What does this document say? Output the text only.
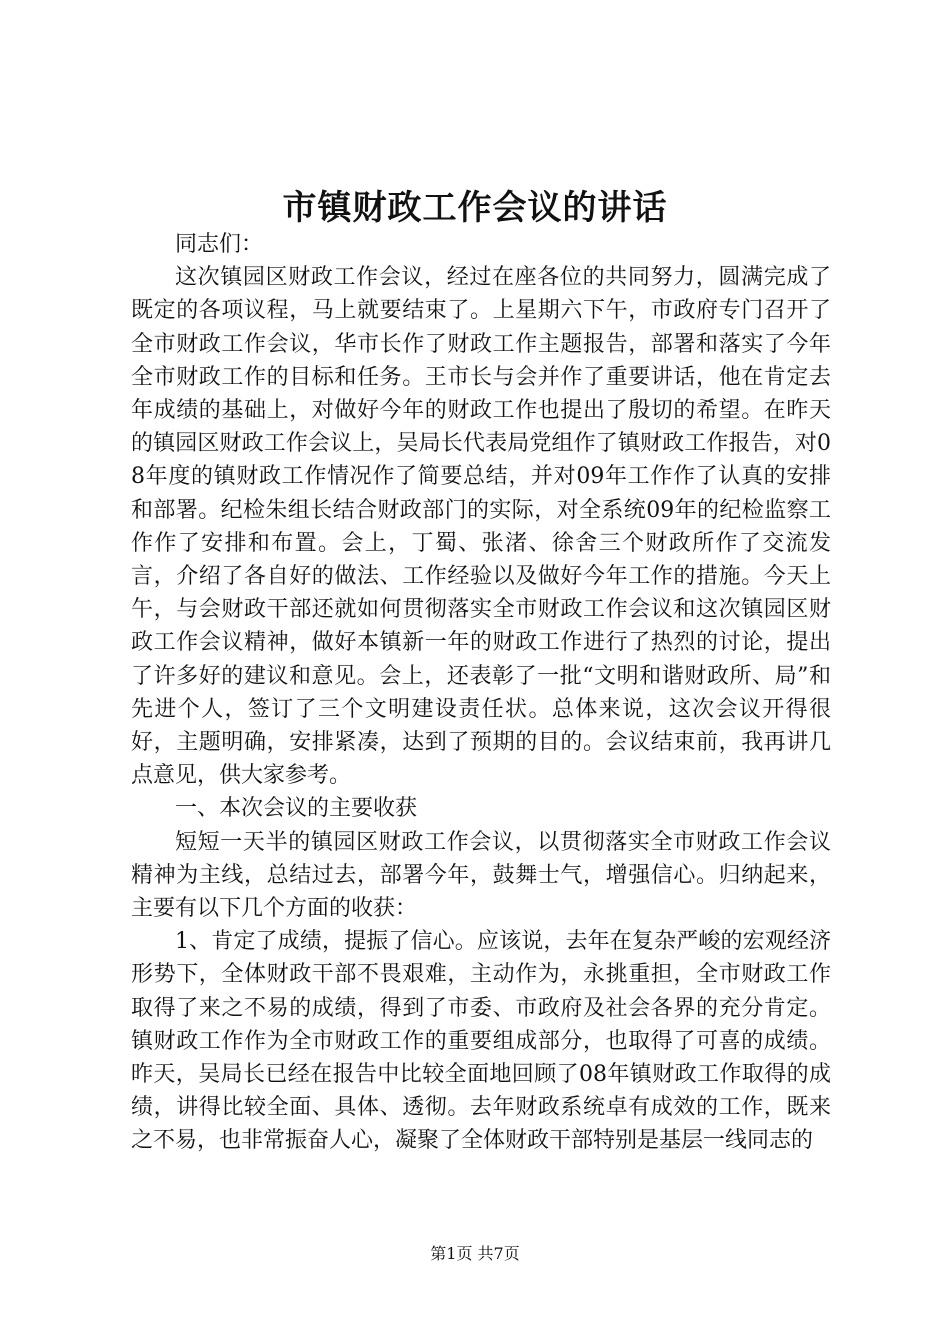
市镇财政工作会议的讲话

同志们：

这次镇园区财政工作会议，经过在座各位的共同努力，圆满完成了既定的各项议程，马上就要结束了。上星期六下午，市政府专门召开了全市财政工作会议，华市长作了财政工作主题报告，部署和落实了今年全市财政工作的目标和任务。王市长与会并作了重要讲话，他在肯定去年成绩的基础上，对做好今年的财政工作也提出了殷切的希望。在昨天的镇园区财政工作会议上，吴局长代表局党组作了镇财政工作报告，对08年度的镇财政工作情况作了简要总结，并对09年工作作了认真的安排和部署。纪检朱组长结合财政部门的实际，对全系统09年的纪检监察工作作了安排和布置。会上，丁蜀、张渚、徐舍三个财政所作了交流发言，介绍了各自好的做法、工作经验以及做好今年工作的措施。今天上午，与会财政干部还就如何贯彻落实全市财政工作会议和这次镇园区财政工作会议精神，做好本镇新一年的财政工作进行了热烈的讨论，提出了许多好的建议和意见。会上，还表彰了一批“文明和谐财政所、局”和先进个人，签订了三个文明建设责任状。总体来说，这次会议开得很好，主题明确，安排紧凑，达到了预期的目的。会议结束前，我再讲几点意见，供大家参考。

一、本次会议的主要收获

短短一天半的镇园区财政工作会议，以贯彻落实全市财政工作会议精神为主线，总结过去，部署今年，鼓舞士气，增强信心。归纳起来，主要有以下几个方面的收获：

1、肯定了成绩，提振了信心。应该说，去年在复杂严峻的宏观经济形势下，全体财政干部不畏艰难，主动作为，永挑重担，全市财政工作取得了来之不易的成绩，得到了市委、市政府及社会各界的充分肯定。镇财政工作作为全市财政工作的重要组成部分，也取得了可喜的成绩。昨天，吴局长已经在报告中比较全面地回顾了08年镇财政工作取得的成绩，讲得比较全面、具体、透彻。去年财政系统卓有成效的工作，既来之不易，也非常振奋人心，凝聚了全体财政干部特别是基层一线同志的

第1页 共7页
